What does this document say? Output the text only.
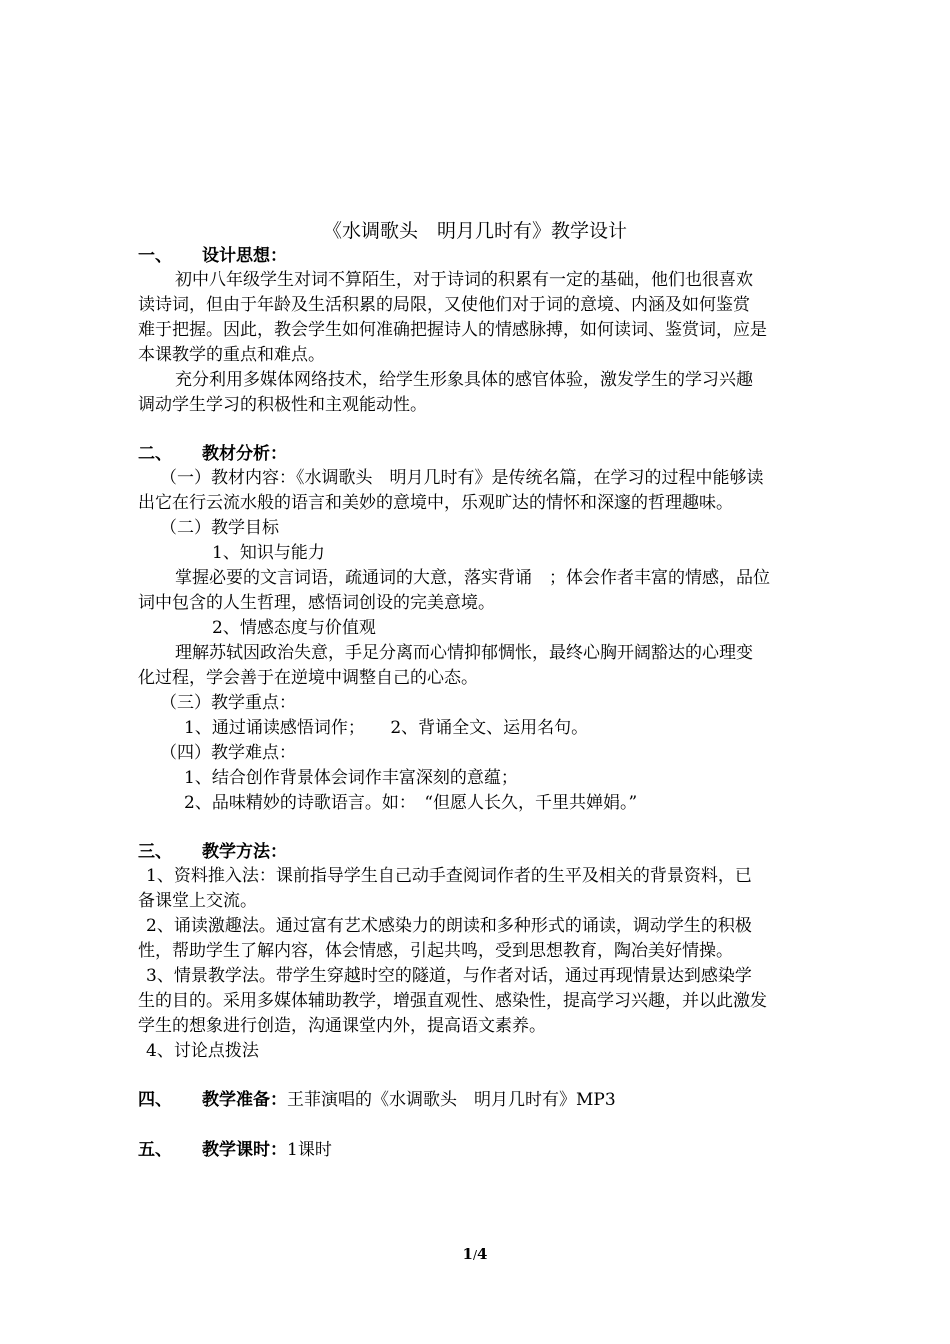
《水调歌头　明月几时有》教学设计
一、 设计思想：
初中八年级学生对词不算陌生，对于诗词的积累有一定的基础，他们也很喜欢
读诗词，但由于年龄及生活积累的局限，又使他们对于词的意境、内涵及如何鉴赏
难于把握。因此，教会学生如何准确把握诗人的情感脉搏，如何读词、鉴赏词，应是
本课教学的重点和难点。
充分利用多媒体网络技术，给学生形象具体的感官体验，激发学生的学习兴趣
调动学生学习的积极性和主观能动性。
二、 教材分析：
（一）教材内容：《水调歌头　明月几时有》是传统名篇，在学习的过程中能够读
出它在行云流水般的语言和美妙的意境中，乐观旷达的情怀和深邃的哲理趣味。
（二）教学目标
1、知识与能力
掌握必要的文言词语，疏通词的大意，落实背诵　；体会作者丰富的情感，品位
词中包含的人生哲理，感悟词创设的完美意境。
2、情感态度与价值观
理解苏轼因政治失意，手足分离而心情抑郁惆怅，最终心胸开阔豁达的心理变
化过程，学会善于在逆境中调整自己的心态。
（三）教学重点：
1、通过诵读感悟词作；　　2、背诵全文、运用名句。
（四）教学难点：
1、结合创作背景体会词作丰富深刻的意蕴；
2、品味精妙的诗歌语言。如：　“但愿人长久，千里共婵娟。”
三、 教学方法：
1、资料推入法：课前指导学生自己动手查阅词作者的生平及相关的背景资料，已
备课堂上交流。
2、诵读激趣法。通过富有艺术感染力的朗读和多种形式的诵读，调动学生的积极
性，帮助学生了解内容，体会情感，引起共鸣，受到思想教育，陶冶美好情操。
3、情景教学法。带学生穿越时空的隧道，与作者对话，通过再现情景达到感染学
生的目的。采用多媒体辅助教学，增强直观性、感染性，提高学习兴趣，并以此激发
学生的想象进行创造，沟通课堂内外，提高语文素养。
4、讨论点拨法
四、 教学准备：王菲演唱的《水调歌头　明月几时有》MP3
五、 教学课时：1课时
1/4
